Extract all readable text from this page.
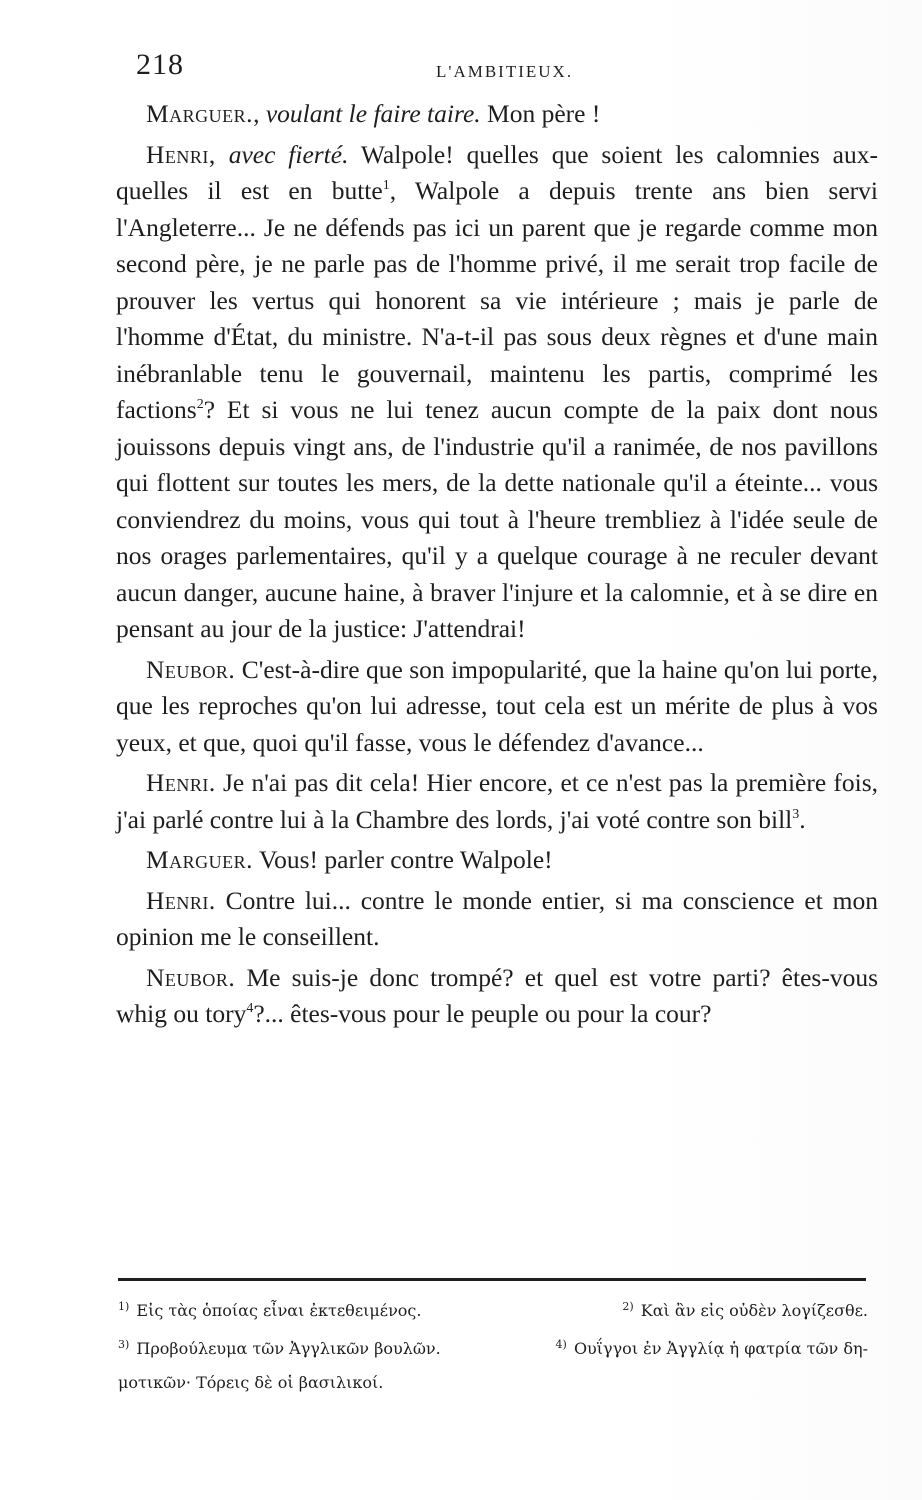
218	L'AMBITIEUX.

Marguer., voulant le faire taire. Mon père !

Henri, avec fierté. Walpole! quelles que soient les calomnies aux-quelles il est en butte$^1$, Walpole a depuis trente ans bien servi l'Angleterre... Je ne défends pas ici un parent que je regarde comme mon second père, je ne parle pas de l'homme privé, il me serait trop facile de prouver les vertus qui honorent sa vie intérieure ; mais je parle de l'homme d'État, du ministre. N'a-t-il pas sous deux règnes et d'une main inébranlable tenu le gouvernail, maintenu les partis, comprimé les factions$^2$? Et si vous ne lui tenez aucun compte de la paix dont nous jouissons depuis vingt ans, de l'industrie qu'il a ranimée, de nos pavillons qui flottent sur toutes les mers, de la dette nationale qu'il a éteinte... vous conviendrez du moins, vous qui tout à l'heure trembliez à l'idée seule de nos orages parlementaires, qu'il y a quelque courage à ne reculer devant aucun danger, aucune haine, à braver l'injure et la calomnie, et à se dire en pensant au jour de la justice: J'attendrai!

Neubor. C'est-à-dire que son impopularité, que la haine qu'on lui porte, que les reproches qu'on lui adresse, tout cela est un mérite de plus à vos yeux, et que, quoi qu'il fasse, vous le défendez d'avance...

Henri. Je n'ai pas dit cela! Hier encore, et ce n'est pas la première fois, j'ai parlé contre lui à la Chambre des lords, j'ai voté contre son bill$^3$.

Marguer. Vous! parler contre Walpole!

Henri. Contre lui... contre le monde entier, si ma conscience et mon opinion me le conseillent.

Neubor. Me suis-je donc trompé? et quel est votre parti? êtes-vous whig ou tory$^4$?... êtes-vous pour le peuple ou pour la cour?

$^{1)}$ Εἰς τὰς ὁποίας εἶναι ἐκτεθειμένος.	$^{2)}$ Καὶ ἂν εἰς οὐδὲν λογίζεσθε.
$^{3)}$ Προβούλευμα τῶν Ἀγγλικῶν βουλῶν.	$^{4)}$ Ουΐγγοι ἐν Ἀγγλίᾳ ἡ φατρία τῶν δη-
μοτικῶν· Τόρεις δὲ οἱ βασιλικοί.
